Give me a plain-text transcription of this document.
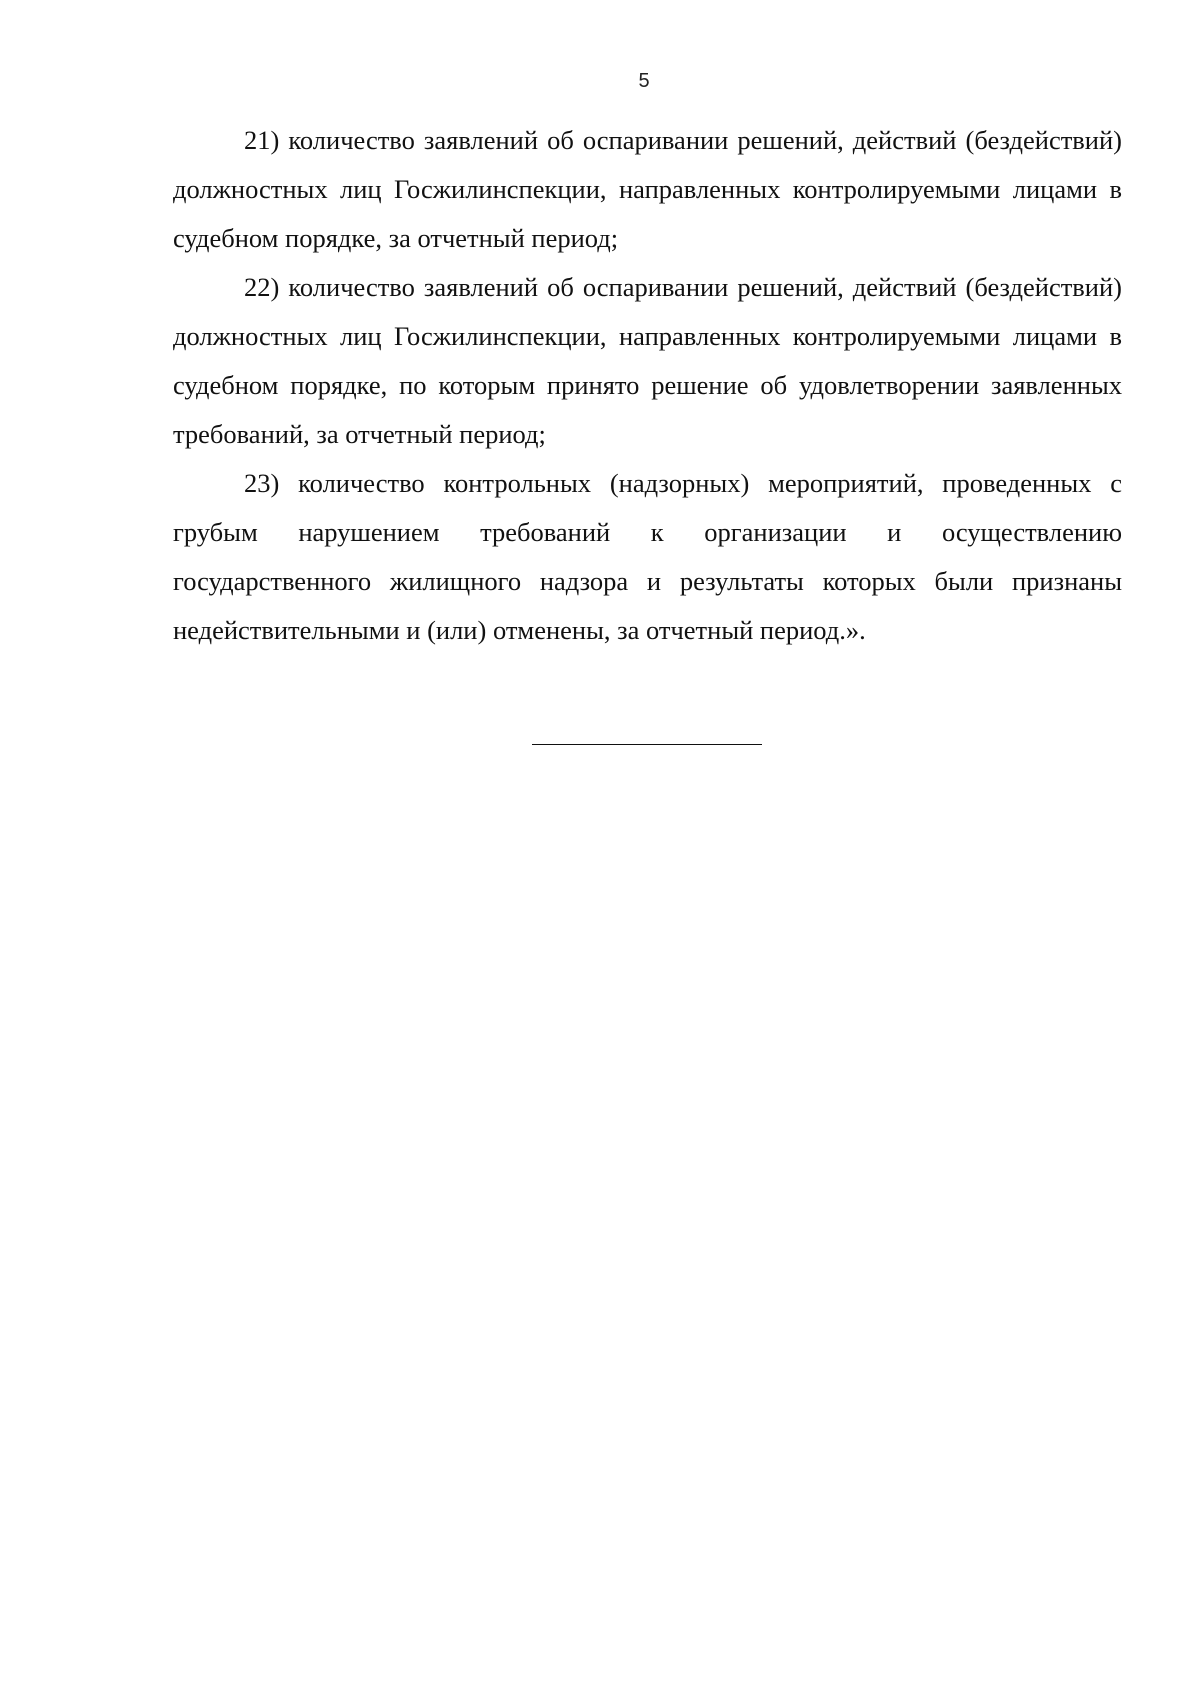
5

21) количество заявлений об оспаривании решений, действий (бездействий) должностных лиц Госжилинспекции, направленных контролируемыми лицами в судебном порядке, за отчетный период;

22) количество заявлений об оспаривании решений, действий (бездействий) должностных лиц Госжилинспекции, направленных контролируемыми лицами в судебном порядке, по которым принято решение об удовлетворении заявленных требований, за отчетный период;

23) количество контрольных (надзорных) мероприятий, проведенных с грубым нарушением требований к организации и осуществлению государственного жилищного надзора и результаты которых были признаны недействительными и (или) отменены, за отчетный период.».
